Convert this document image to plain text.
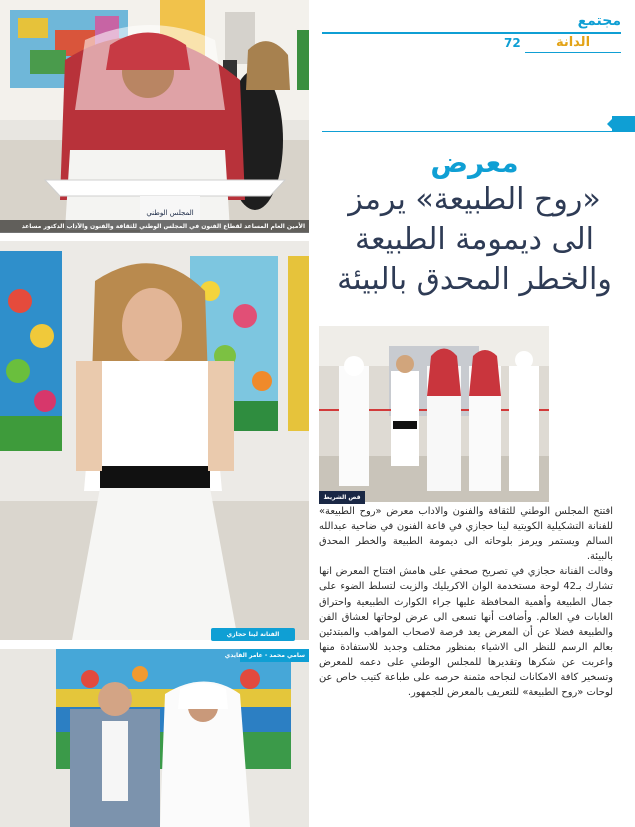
مجتمع
72	الدانة
معرض
«روح الطبيعة» يرمز الى ديمومة الطبيعة والخطر المحدق بالبيئة
المجلس الوطني
الأمين العام المساعد لقطاع الفنون في المجلس الوطني للثقافة والفنون والآداب الدكتور مساعد
الفنانة لينا حجازي
قص الشريط
سامي محمد - عامر الفايدي

افتتح المجلس الوطني للثقافة والفنون والاداب معرض «روح الطبيعة» للفنانة التشكيلية الكويتية لينا حجازي في قاعة الفنون في ضاحية عبدالله السالم ويستمر ويرمز بلوحاته الى ديمومة الطبيعة والخطر المحدق بالبيئة.

وقالت الفنانة حجازي في تصريح صحفي على هامش افتتاح المعرض انها تشارك بـ42 لوحة مستخدمة الوان الاكريليك والزيت لتسلط الضوء على جمال الطبيعة وأهمية المحافظة عليها جراء الكوارث الطبيعية واحتراق الغابات في العالم. وأضافت أنها تسعى الى عرض لوحاتها لعشاق الفن والطبيعة فضلا عن أن المعرض يعد فرصة لاصحاب المواهب والمبتدئين بعالم الرسم للنظر الى الاشياء بمنظور مختلف وجديد للاستفادة منها واعربت عن شكرها وتقديرها للمجلس الوطني على دعمه للمعرض وتسخير كافة الامكانات لنجاحه مثمنة حرصه على طباعة كتيب خاص عن لوحات «روح الطبيعة» للتعريف بالمعرض للجمهور.
